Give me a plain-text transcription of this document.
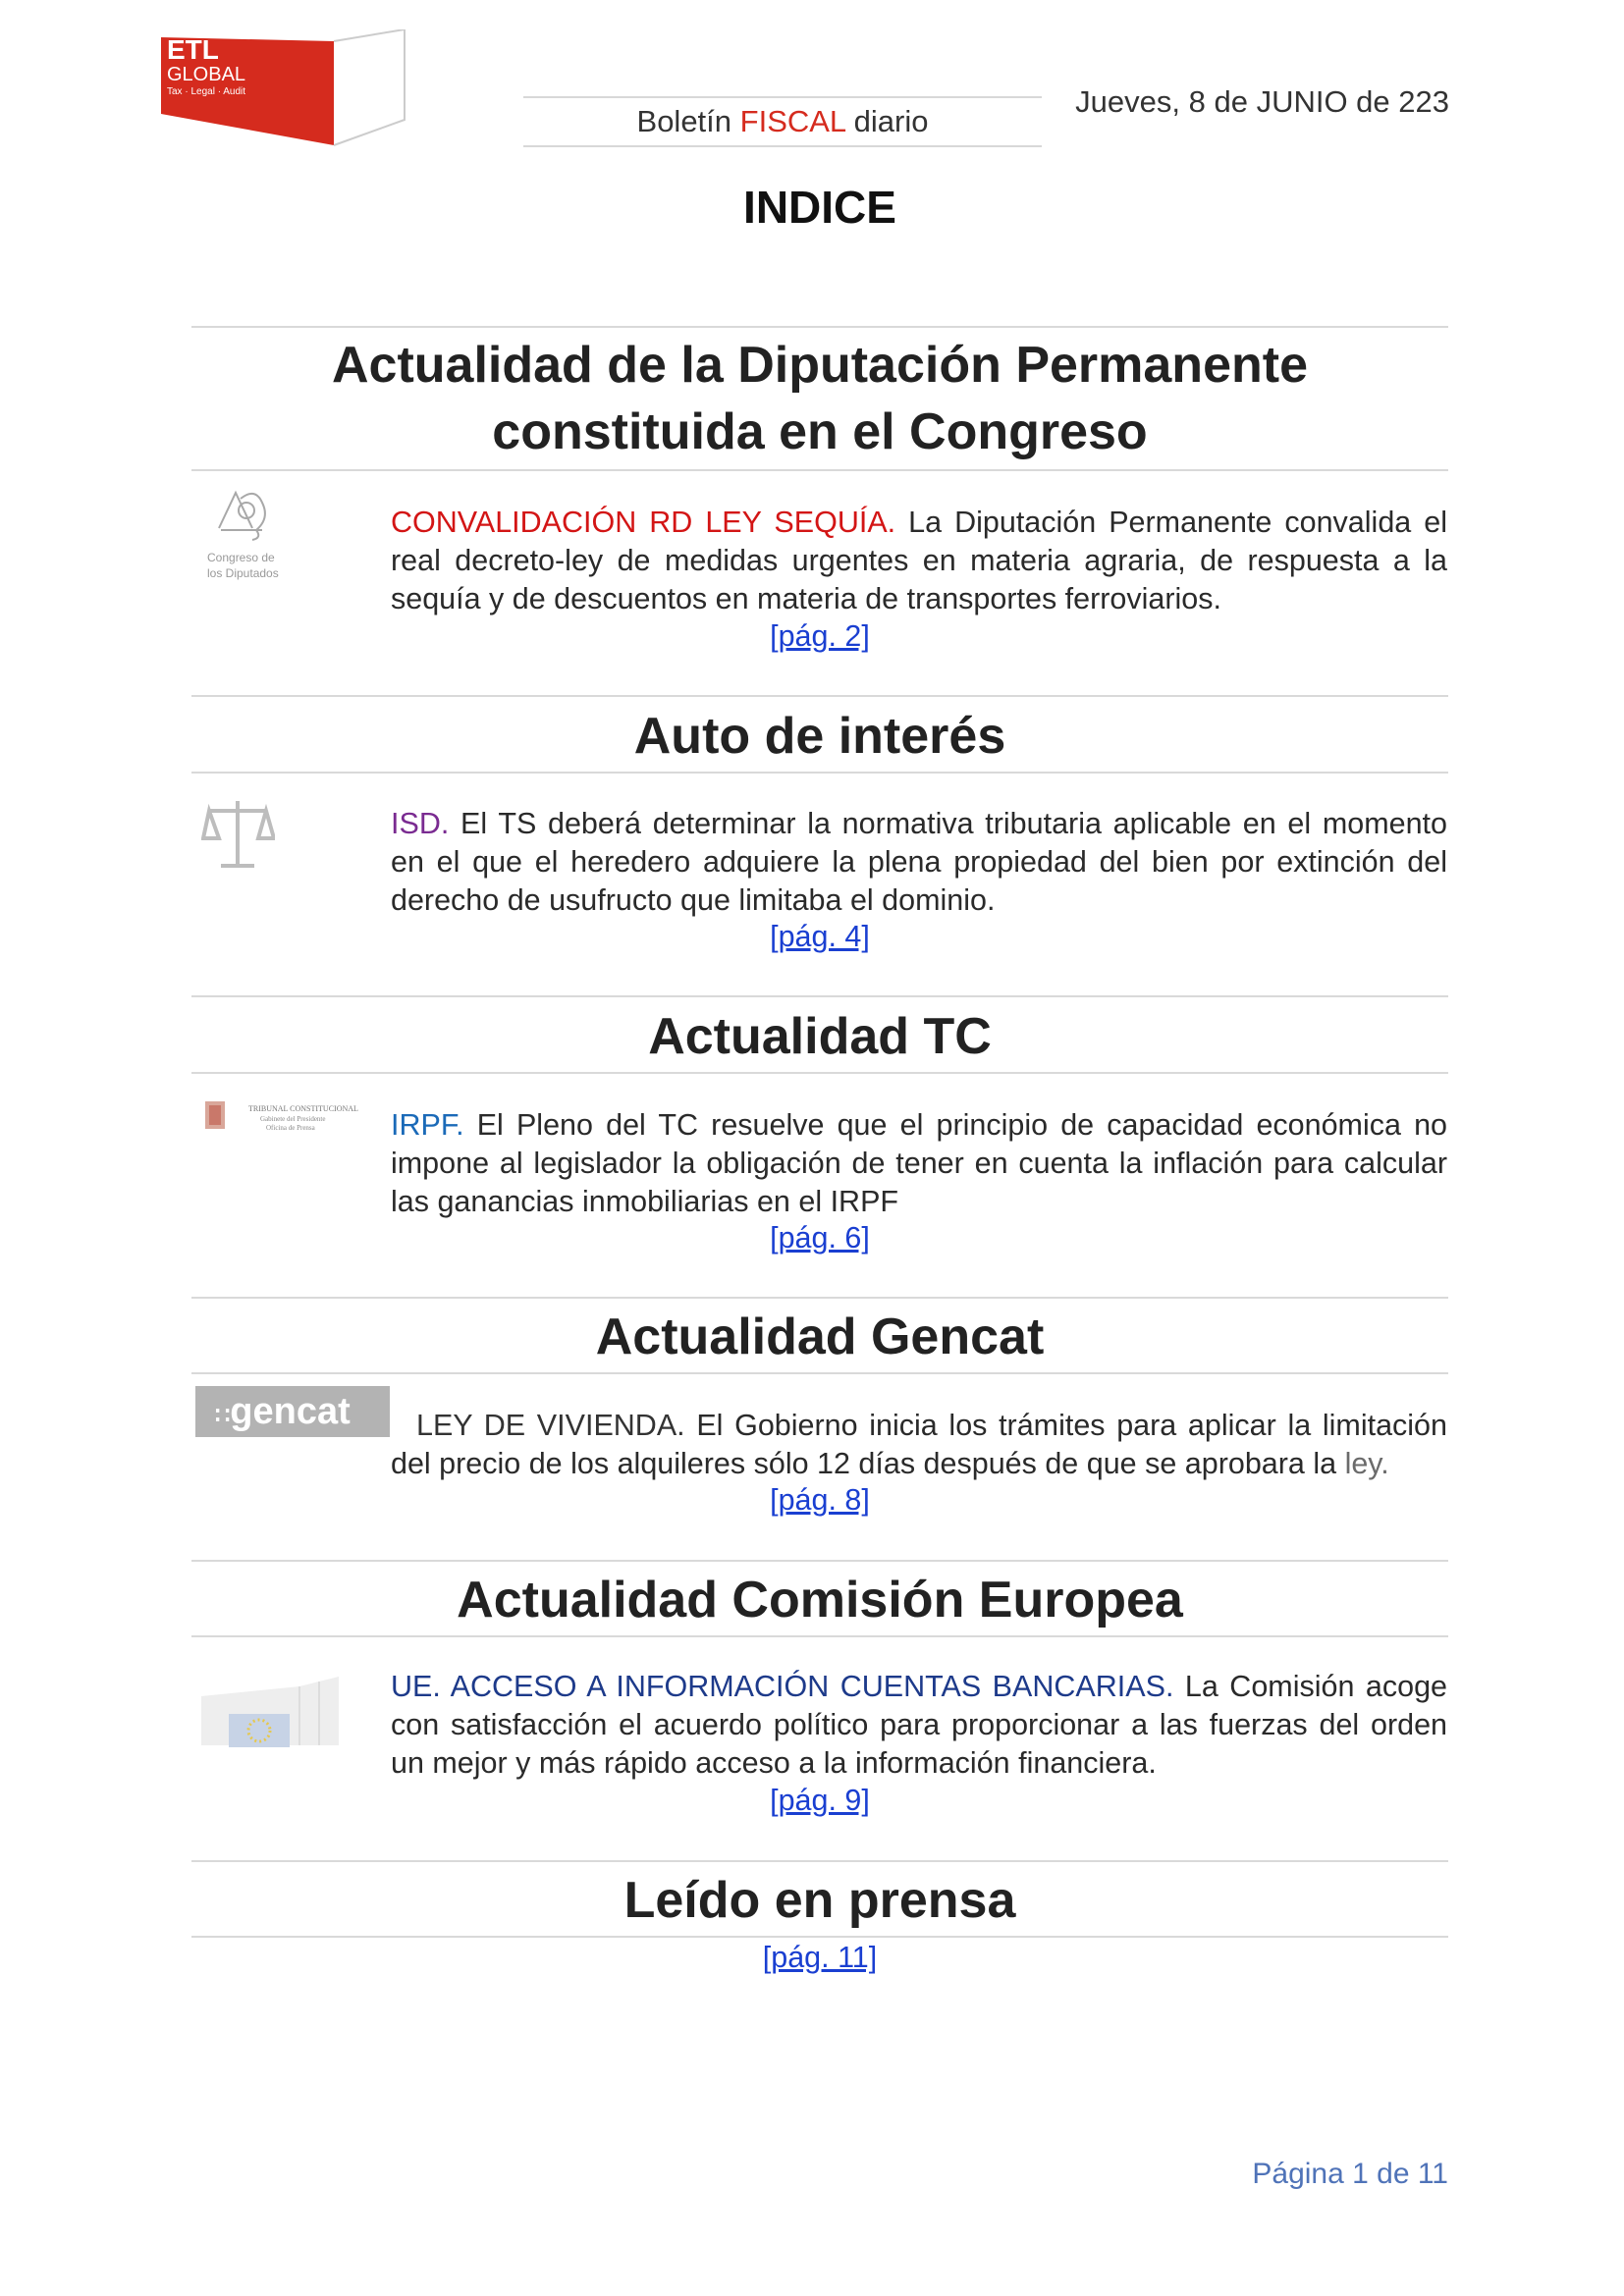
ETL
GLOBAL
Tax · Legal · Audit
Boletín FISCAL diario
Jueves, 8 de JUNIO de 223
INDICE
Actualidad de la Diputación Permanente
constituida en el Congreso
Congreso de
los Diputados
CONVALIDACIÓN RD LEY SEQUÍA. La Diputación Permanente convalida el real decreto-ley de medidas urgentes en materia agraria, de respuesta a la sequía y de descuentos en materia de transportes ferroviarios.
[pág. 2]
Auto de interés
ISD. El TS deberá determinar la normativa tributaria aplicable en el momento en el que el heredero adquiere la plena propiedad del bien por extinción del derecho de usufructo que limitaba el dominio.
[pág. 4]
Actualidad TC
TRIBUNAL CONSTITUCIONAL
Gabinete del Presidente
Oficina de Prensa	IRPF. El Pleno del TC resuelve que el principio de capacidad económica no impone al legislador la obligación de tener en cuenta la inflación para calcular las ganancias inmobiliarias en el IRPF
[pág. 6]
Actualidad Gencat
∷gencat	LEY DE VIVIENDA. El Gobierno inicia los trámites para aplicar la limitación del precio de los alquileres sólo 12 días después de que se aprobara la ley.
[pág. 8]
Actualidad Comisión Europea
UE. ACCESO A INFORMACIÓN CUENTAS BANCARIAS. La Comisión acoge con satisfacción el acuerdo político para proporcionar a las fuerzas del orden un mejor y más rápido acceso a la información financiera.
[pág. 9]
Leído en prensa
[pág. 11]
Página 1 de 11
